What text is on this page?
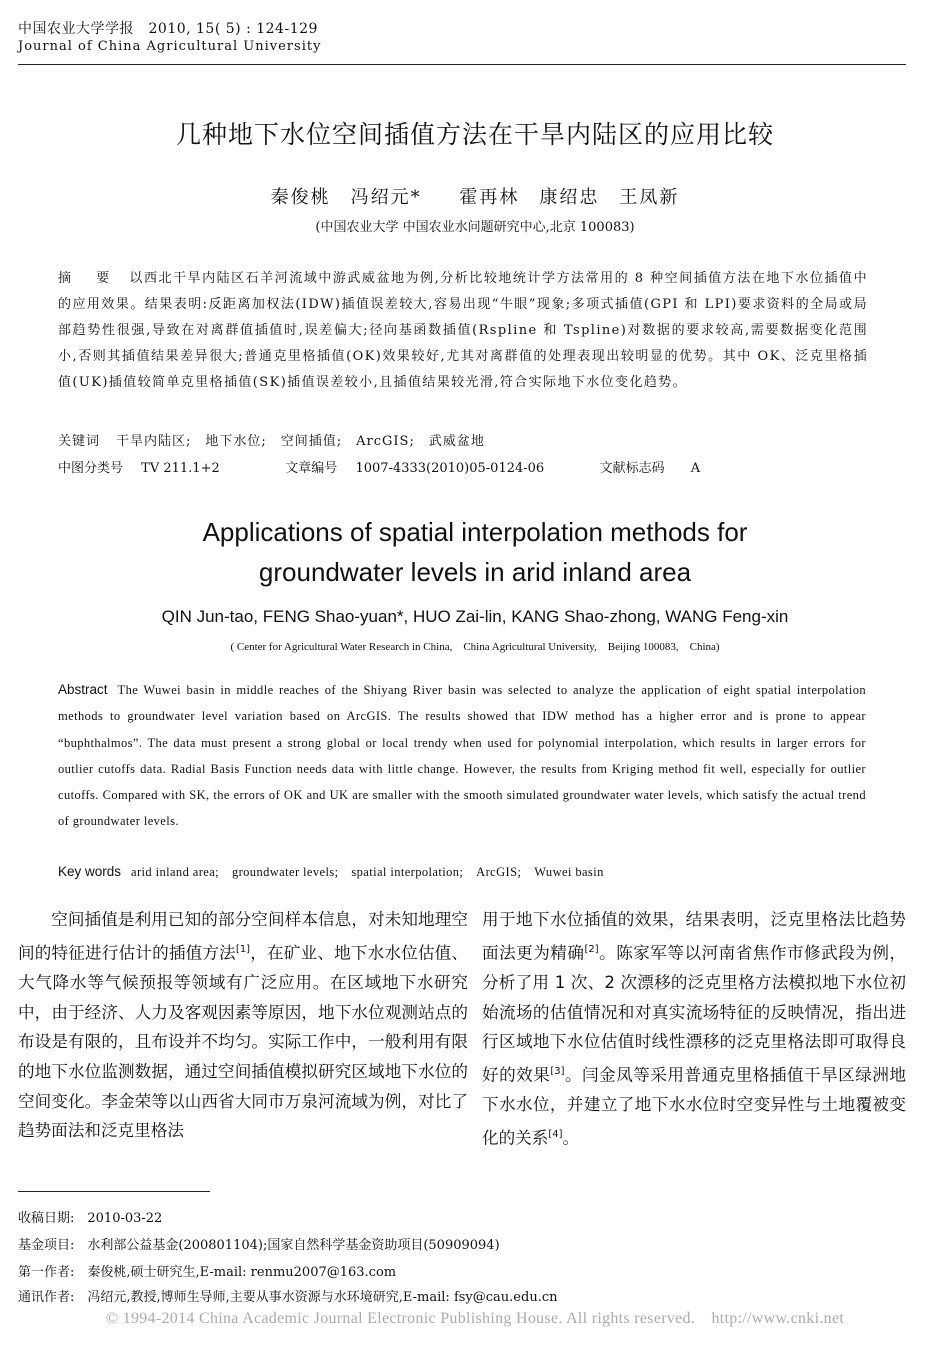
中国农业大学学报　2010, 15( 5) : 124-129
Journal of China Agricultural University
几种地下水位空间插值方法在干旱内陆区的应用比较
秦俊桃　冯绍元*　 霍再林　康绍忠　王凤新
(中国农业大学 中国农业水问题研究中心,北京 100083)
摘　要 以西北干旱内陆区石羊河流域中游武威盆地为例,分析比较地统计学方法常用的 8 种空间插值方法在地下水位插值中的应用效果。结果表明:反距离加权法(IDW)插值误差较大,容易出现“牛眼”现象;多项式插值(GPI 和 LPI)要求资料的全局或局部趋势性很强,导致在对离群值插值时,误差偏大;径向基函数插值(Rspline 和 Tspline)对数据的要求较高,需要数据变化范围小,否则其插值结果差异很大;普通克里格插值(OK)效果较好,尤其对离群值的处理表现出较明显的优势。其中 OK、泛克里格插值(UK)插值较简单克里格插值(SK)插值误差较小,且插值结果较光滑,符合实际地下水位变化趋势。
关键词 干旱内陆区;　地下水位;　空间插值;　ArcGIS;　武威盆地
中图分类号 TV 211.1+2	文章编号 1007-4333(2010)05-0124-06	文献标志码 A
Applications of spatial interpolation methods for
groundwater levels in arid inland area
QIN Jun-tao, FENG Shao-yuan*, HUO Zai-lin, KANG Shao-zhong, WANG Feng-xin
( Center for Agricultural Water Research in China,　China Agricultural University,　Beijing 100083,　China)
Abstract The Wuwei basin in middle reaches of the Shiyang River basin was selected to analyze the application of eight spatial interpolation methods to groundwater level variation based on ArcGIS. The results showed that IDW method has a higher error and is prone to appear “buphthalmos”. The data must present a strong global or local trendy when used for polynomial interpolation, which results in larger errors for outlier cutoffs data. Radial Basis Function needs data with little change. However, the results from Kriging method fit well, especially for outlier cutoffs. Compared with SK, the errors of OK and UK are smaller with the smooth simulated groundwater water levels, which satisfy the actual trend of groundwater levels.
Key words arid inland area;　groundwater levels;　spatial interpolation;　ArcGIS;　Wuwei basin
空间插值是利用已知的部分空间样本信息，对未知地理空间的特征进行估计的插值方法[1]，在矿业、地下水水位估值、大气降水等气候预报等领域有广泛应用。在区域地下水研究中，由于经济、人力及客观因素等原因，地下水位观测站点的布设是有限的，且布设并不均匀。实际工作中，一般利用有限的地下水位监测数据，通过空间插值模拟研究区域地下水位的空间变化。李金荣等以山西省大同市万泉河流域为例，对比了趋势面法和泛克里格法
用于地下水位插值的效果，结果表明，泛克里格法比趋势面法更为精确[2]。陈家军等以河南省焦作市修武段为例，分析了用 1 次、2 次漂移的泛克里格方法模拟地下水位初始流场的估值情况和对真实流场特征的反映情况，指出进行区域地下水位估值时线性漂移的泛克里格法即可取得良好的效果[3]。闫金凤等采用普通克里格插值干旱区绿洲地下水水位，并建立了地下水水位时空变异性与土地覆被变化的关系[4]。
收稿日期:　2010-03-22
基金项目:　水利部公益基金(200801104);国家自然科学基金资助项目(50909094)
第一作者:　秦俊桃,硕士研究生,E-mail: renmu2007@163.com
通讯作者:　冯绍元,教授,博师生导师,主要从事水资源与水环境研究,E-mail: fsy@cau.edu.cn
© 1994-2014 China Academic Journal Electronic Publishing House. All rights reserved.　http://www.cnki.net
